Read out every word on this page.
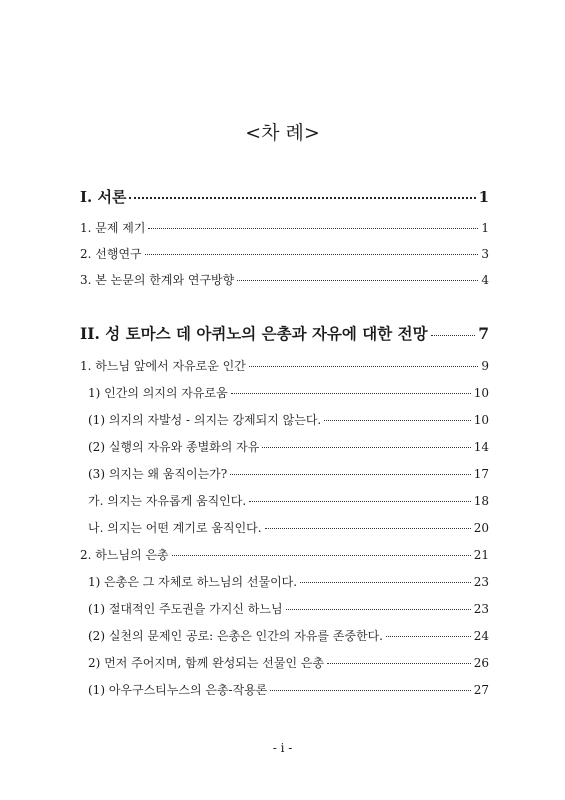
<차 례>
I. 서론	1
1. 문제 제기	1
2. 선행연구	3
3. 본 논문의 한계와 연구방향	4
II. 성 토마스 데 아퀴노의 은총과 자유에 대한 전망	7
1. 하느님 앞에서 자유로운 인간	9
1) 인간의 의지의 자유로움	10
(1) 의지의 자발성 - 의지는 강제되지 않는다.	10
(2) 실행의 자유와 종별화의 자유	14
(3) 의지는 왜 움직이는가?	17
가. 의지는 자유롭게 움직인다.	18
나. 의지는 어떤 계기로 움직인다.	20
2. 하느님의 은총	21
1) 은총은 그 자체로 하느님의 선물이다.	23
(1) 절대적인 주도권을 가지신 하느님	23
(2) 실천의 문제인 공로: 은총은 인간의 자유를 존중한다.	24
2) 먼저 주어지며, 함께 완성되는 선물인 은총	26
(1) 아우구스티누스의 은총-작용론	27
- i -
